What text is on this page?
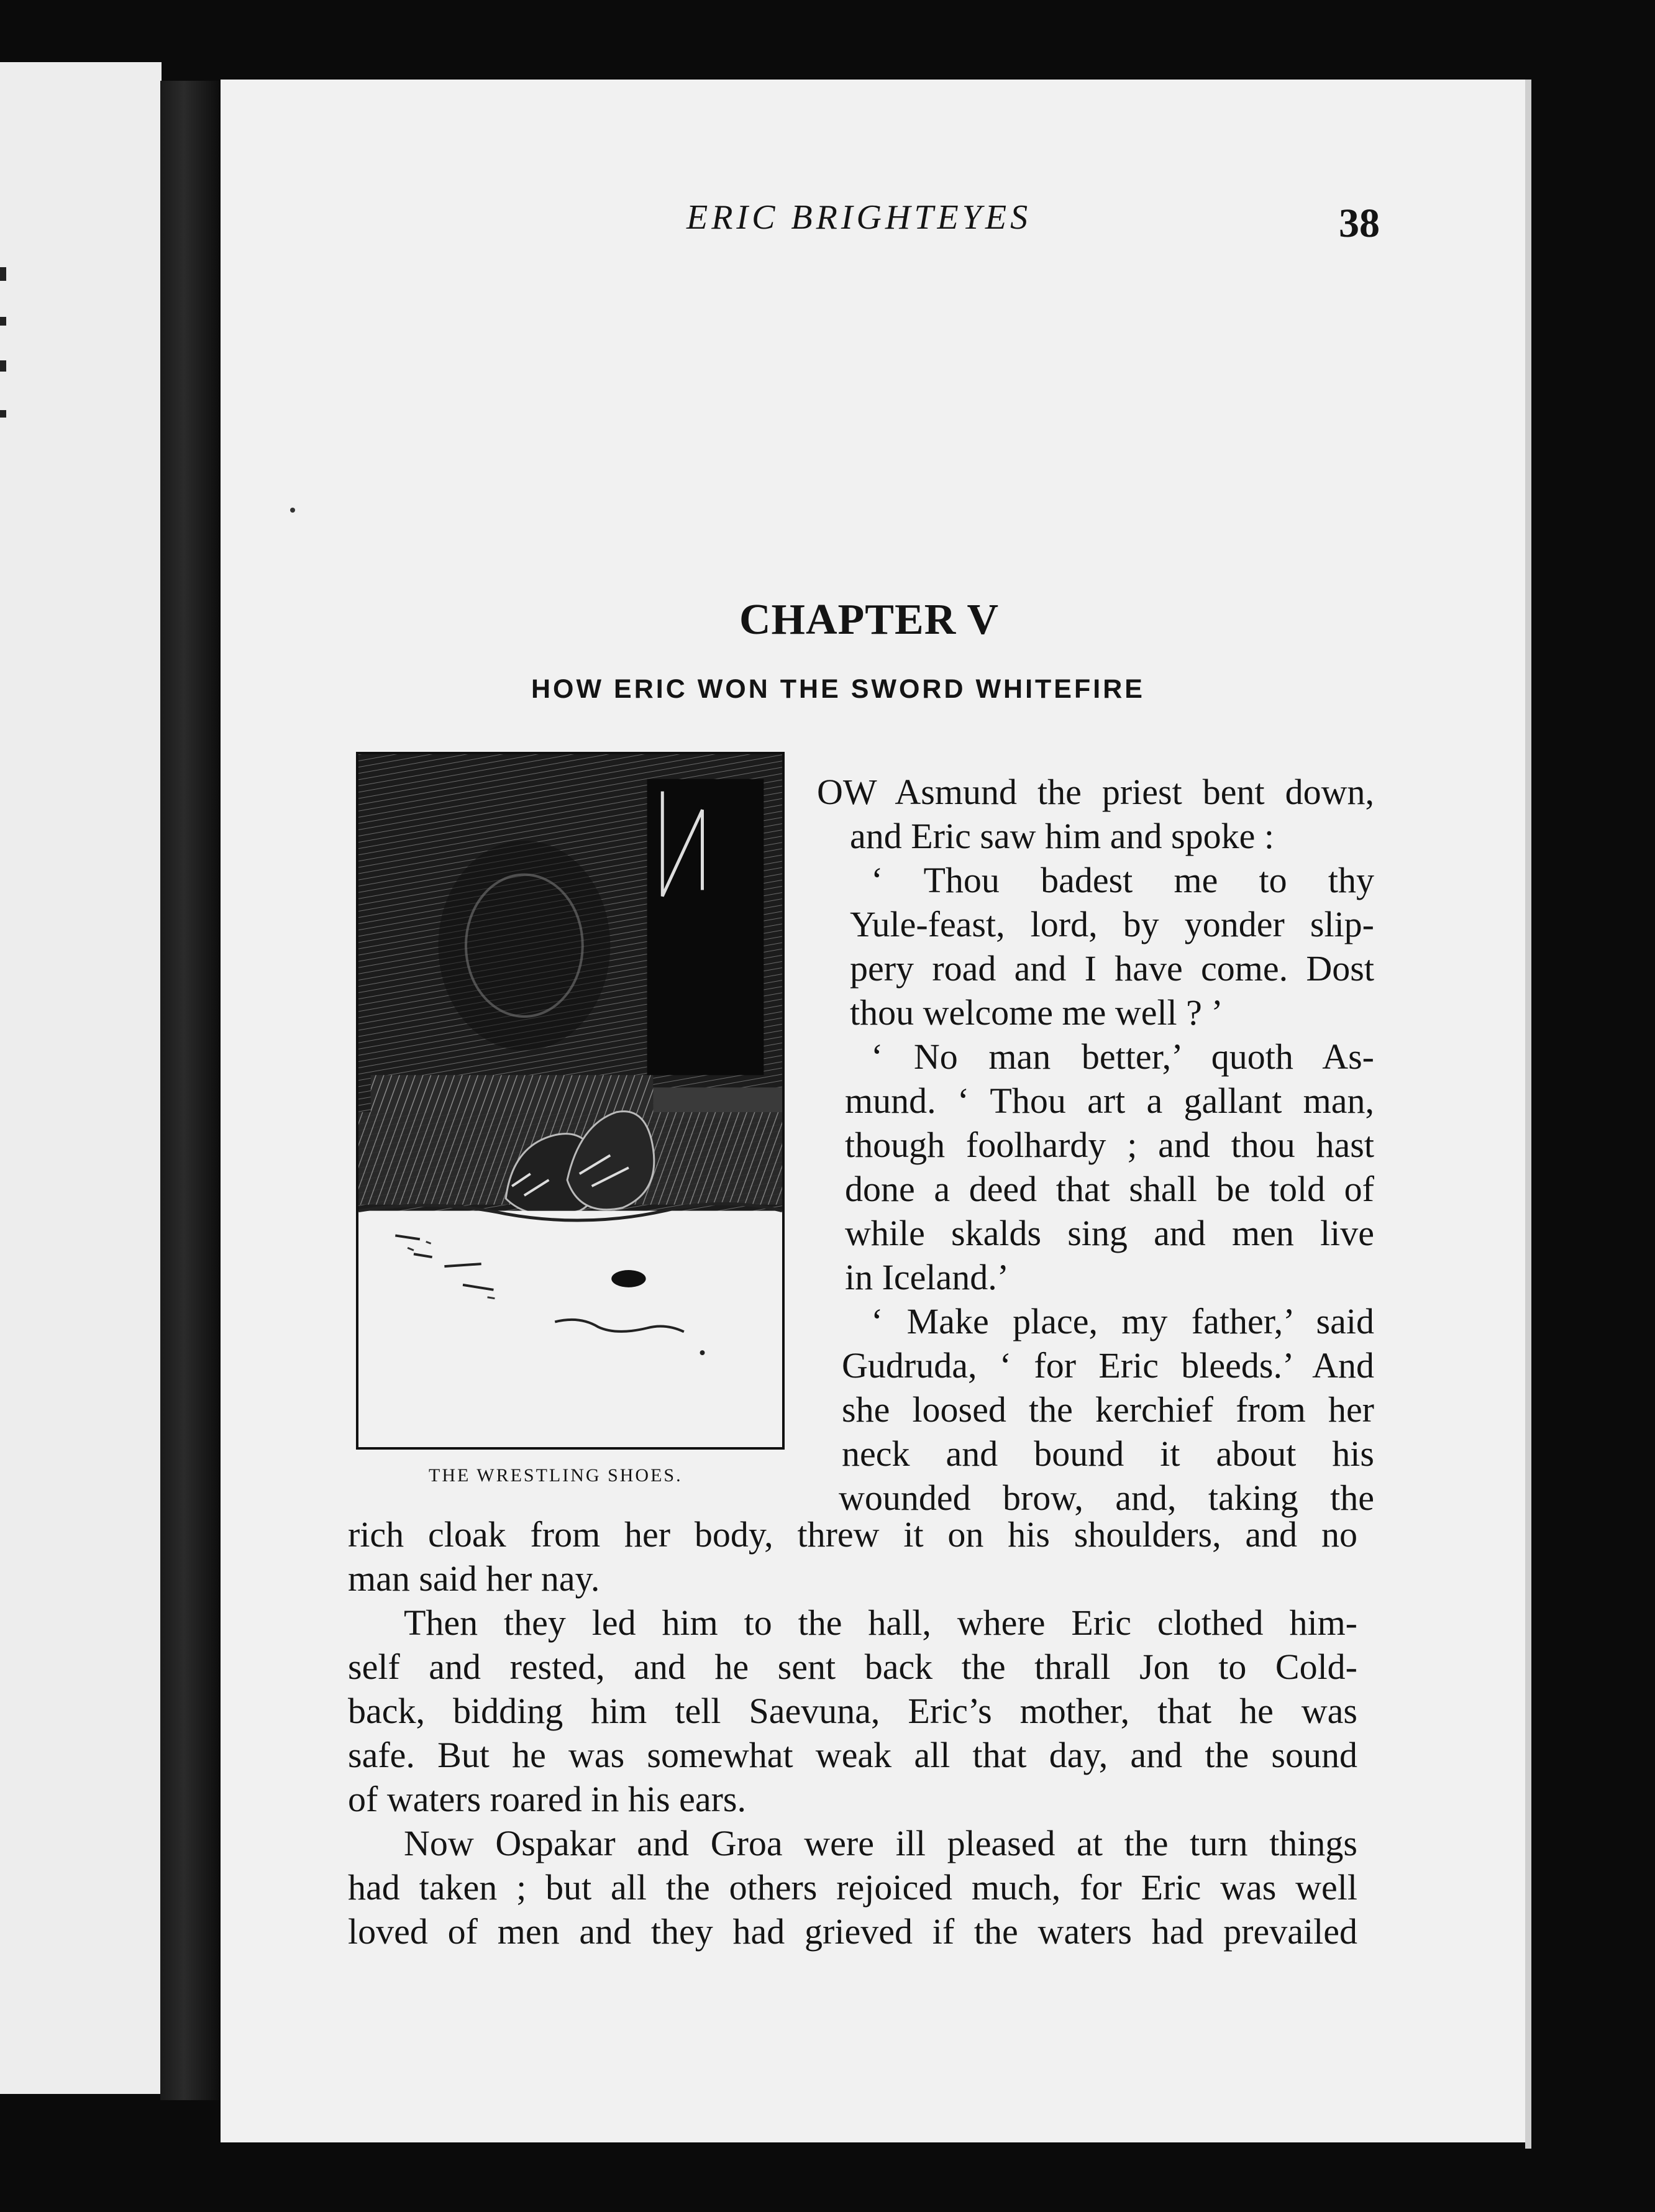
ERIC BRIGHTEYES	38
CHAPTER V
HOW ERIC WON THE SWORD WHITEFIRE
THE WRESTLING SHOES.
OW Asmund the priest bent down,
and Eric saw him and spoke :
‘ Thou badest me to thy
Yule-feast, lord, by yonder slip-
pery road and I have come. Dost
thou welcome me well ? ’
‘ No man better,’ quoth As-
mund. ‘ Thou art a gallant man,
though foolhardy ; and thou hast
done a deed that shall be told of
while skalds sing and men live
in Iceland.’
‘ Make place, my father,’ said
Gudruda, ‘ for Eric bleeds.’ And
she loosed the kerchief from her
neck and bound it about his
wounded brow, and, taking the
rich cloak from her body, threw it on his shoulders, and no
man said her nay.
Then they led him to the hall, where Eric clothed him-
self and rested, and he sent back the thrall Jon to Cold-
back, bidding him tell Saevuna, Eric’s mother, that he was
safe. But he was somewhat weak all that day, and the sound
of waters roared in his ears.
Now Ospakar and Groa were ill pleased at the turn things
had taken ; but all the others rejoiced much, for Eric was well
loved of men and they had grieved if the waters had prevailed
